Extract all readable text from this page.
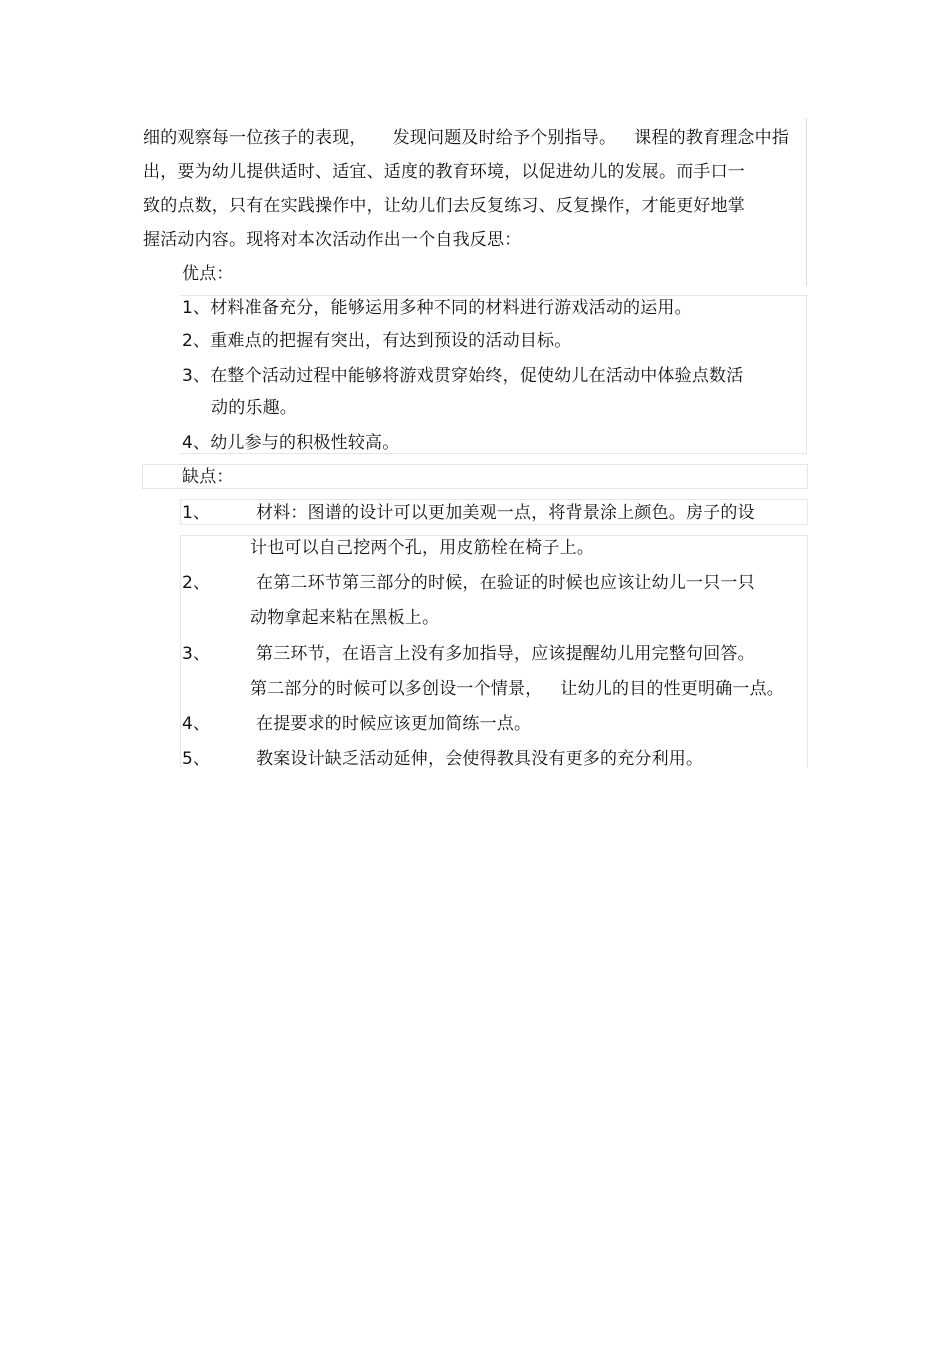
细的观察每一位孩子的表现， 发现问题及时给予个别指导。 课程的教育理念中指
出，要为幼儿提供适时、适宜、适度的教育环境，以促进幼儿的发展。而手口一
致的点数，只有在实践操作中，让幼儿们去反复练习、反复操作，才能更好地掌
握活动内容。现将对本次活动作出一个自我反思：
优点：
1、材料准备充分，能够运用多种不同的材料进行游戏活动的运用。
2、重难点的把握有突出，有达到预设的活动目标。
3、在整个活动过程中能够将游戏贯穿始终，促使幼儿在活动中体验点数活
动的乐趣。
4、幼儿参与的积极性较高。
缺点：
1、	材料：图谱的设计可以更加美观一点，将背景涂上颜色。房子的设
计也可以自己挖两个孔，用皮筋栓在椅子上。
2、	在第二环节第三部分的时候，在验证的时候也应该让幼儿一只一只
动物拿起来粘在黑板上。
3、	第三环节，在语言上没有多加指导，应该提醒幼儿用完整句回答。
第二部分的时候可以多创设一个情景， 让幼儿的目的性更明确一点。
4、	在提要求的时候应该更加简练一点。
5、	教案设计缺乏活动延伸，会使得教具没有更多的充分利用。
